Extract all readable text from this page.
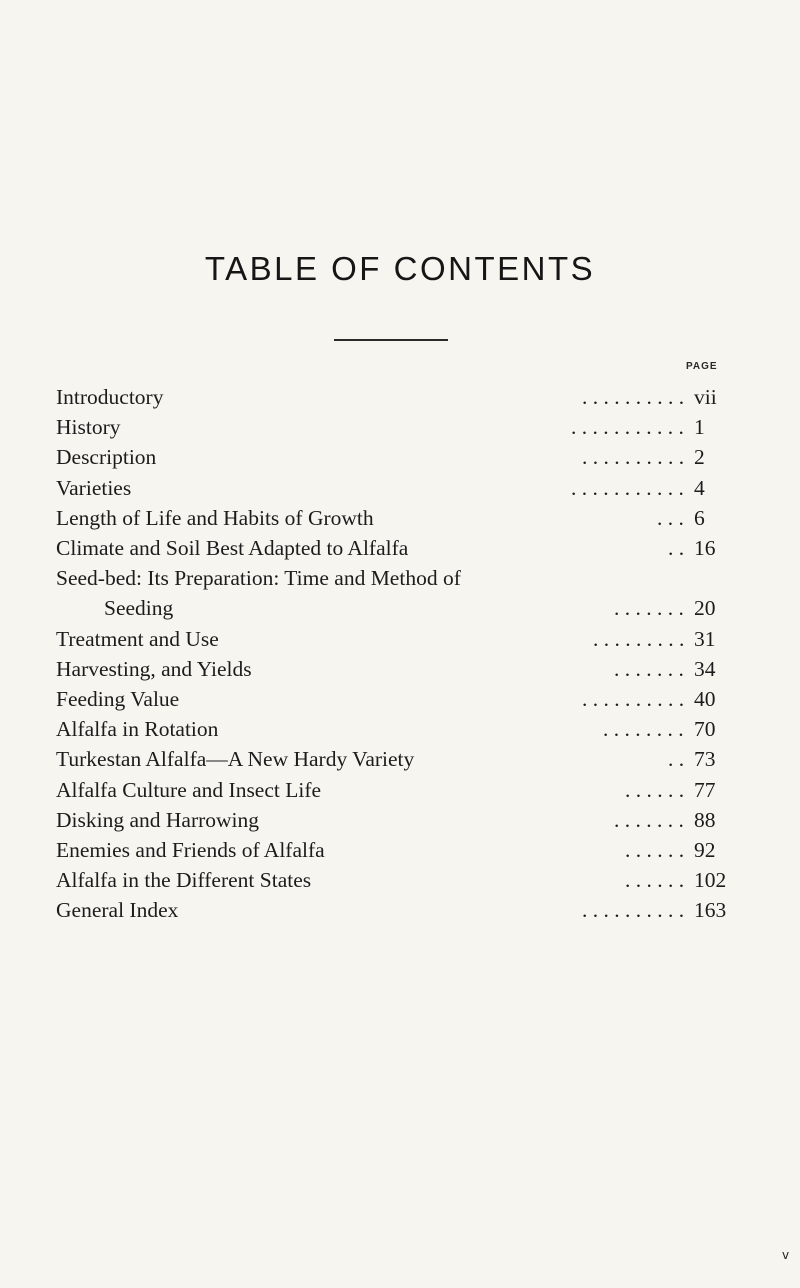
TABLE OF CONTENTS
PAGE
Introductory	. . . . . . . . . . vii
History	. . . . . . . . . . . 1
Description	. . . . . . . . . . 2
Varieties	. . . . . . . . . . . 4
Length of Life and Habits of Growth	. . . 6
Climate and Soil Best Adapted to Alfalfa	. . 16
Seed-bed: Its Preparation: Time and Method of
Seeding	. . . . . . . 20
Treatment and Use	. . . . . . . . . 31
Harvesting, and Yields	. . . . . . . 34
Feeding Value	. . . . . . . . . . 40
Alfalfa in Rotation	. . . . . . . . 70
Turkestan Alfalfa—A New Hardy Variety	. . 73
Alfalfa Culture and Insect Life	. . . . . . 77
Disking and Harrowing	. . . . . . . 88
Enemies and Friends of Alfalfa	. . . . . . 92
Alfalfa in the Different States	. . . . . . 102
General Index	. . . . . . . . . . 163
v
